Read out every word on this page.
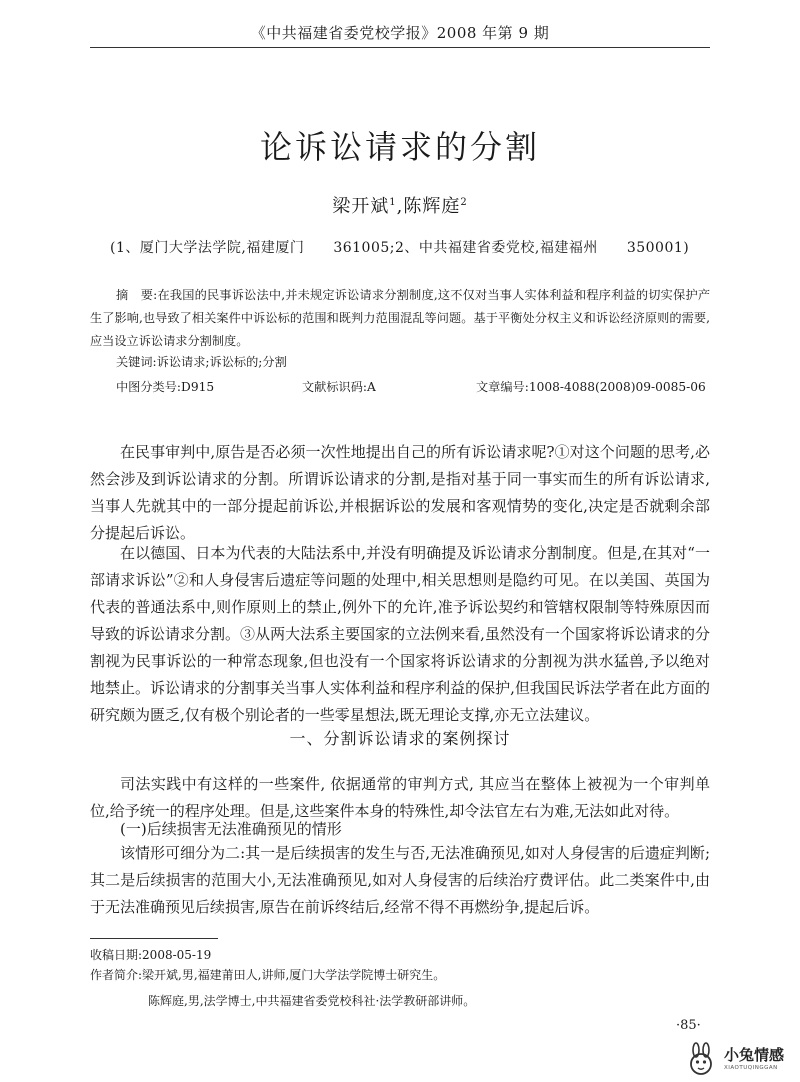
《中共福建省委党校学报》2008 年第 9 期
论诉讼请求的分割
梁开斌$^1$,陈辉庭$^2$
(1、厦门大学法学院,福建厦门　　361005;2、中共福建省委党校,福建福州　　350001)
摘　要:在我国的民事诉讼法中,并未规定诉讼请求分割制度,这不仅对当事人实体利益和程序利益的切实保护产生了影响,也导致了相关案件中诉讼标的范围和既判力范围混乱等问题。基于平衡处分权主义和诉讼经济原则的需要,应当设立诉讼请求分割制度。
关键词:诉讼请求;诉讼标的;分割
中图分类号:D915	文献标识码:A	文章编号:1008-4088(2008)09-0085-06

在民事审判中,原告是否必须一次性地提出自己的所有诉讼请求呢?①对这个问题的思考,必然会涉及到诉讼请求的分割。所谓诉讼请求的分割,是指对基于同一事实而生的所有诉讼请求,当事人先就其中的一部分提起前诉讼,并根据诉讼的发展和客观情势的变化,决定是否就剩余部分提起后诉讼。

在以德国、日本为代表的大陆法系中,并没有明确提及诉讼请求分割制度。但是,在其对“一部请求诉讼”②和人身侵害后遗症等问题的处理中,相关思想则是隐约可见。在以美国、英国为代表的普通法系中,则作原则上的禁止,例外下的允许,准予诉讼契约和管辖权限制等特殊原因而导致的诉讼请求分割。③从两大法系主要国家的立法例来看,虽然没有一个国家将诉讼请求的分割视为民事诉讼的一种常态现象,但也没有一个国家将诉讼请求的分割视为洪水猛兽,予以绝对地禁止。诉讼请求的分割事关当事人实体利益和程序利益的保护,但我国民诉法学者在此方面的研究颇为匮乏,仅有极个别论者的一些零星想法,既无理论支撑,亦无立法建议。

一、分割诉讼请求的案例探讨

司法实践中有这样的一些案件, 依据通常的审判方式, 其应当在整体上被视为一个审判单位,给予统一的程序处理。但是,这些案件本身的特殊性,却令法官左右为难,无法如此对待。

(一)后续损害无法准确预见的情形

该情形可细分为二:其一是后续损害的发生与否,无法准确预见,如对人身侵害的后遗症判断;其二是后续损害的范围大小,无法准确预见,如对人身侵害的后续治疗费评估。此二类案件中,由于无法准确预见后续损害,原告在前诉终结后,经常不得不再燃纷争,提起后诉。

收稿日期:2008-05-19
作者简介:梁开斌,男,福建莆田人,讲师,厦门大学法学院博士研究生。
陈辉庭,男,法学博士,中共福建省委党校科社·法学教研部讲师。
·85·
小兔情感
XIAOTUQINGGAN
